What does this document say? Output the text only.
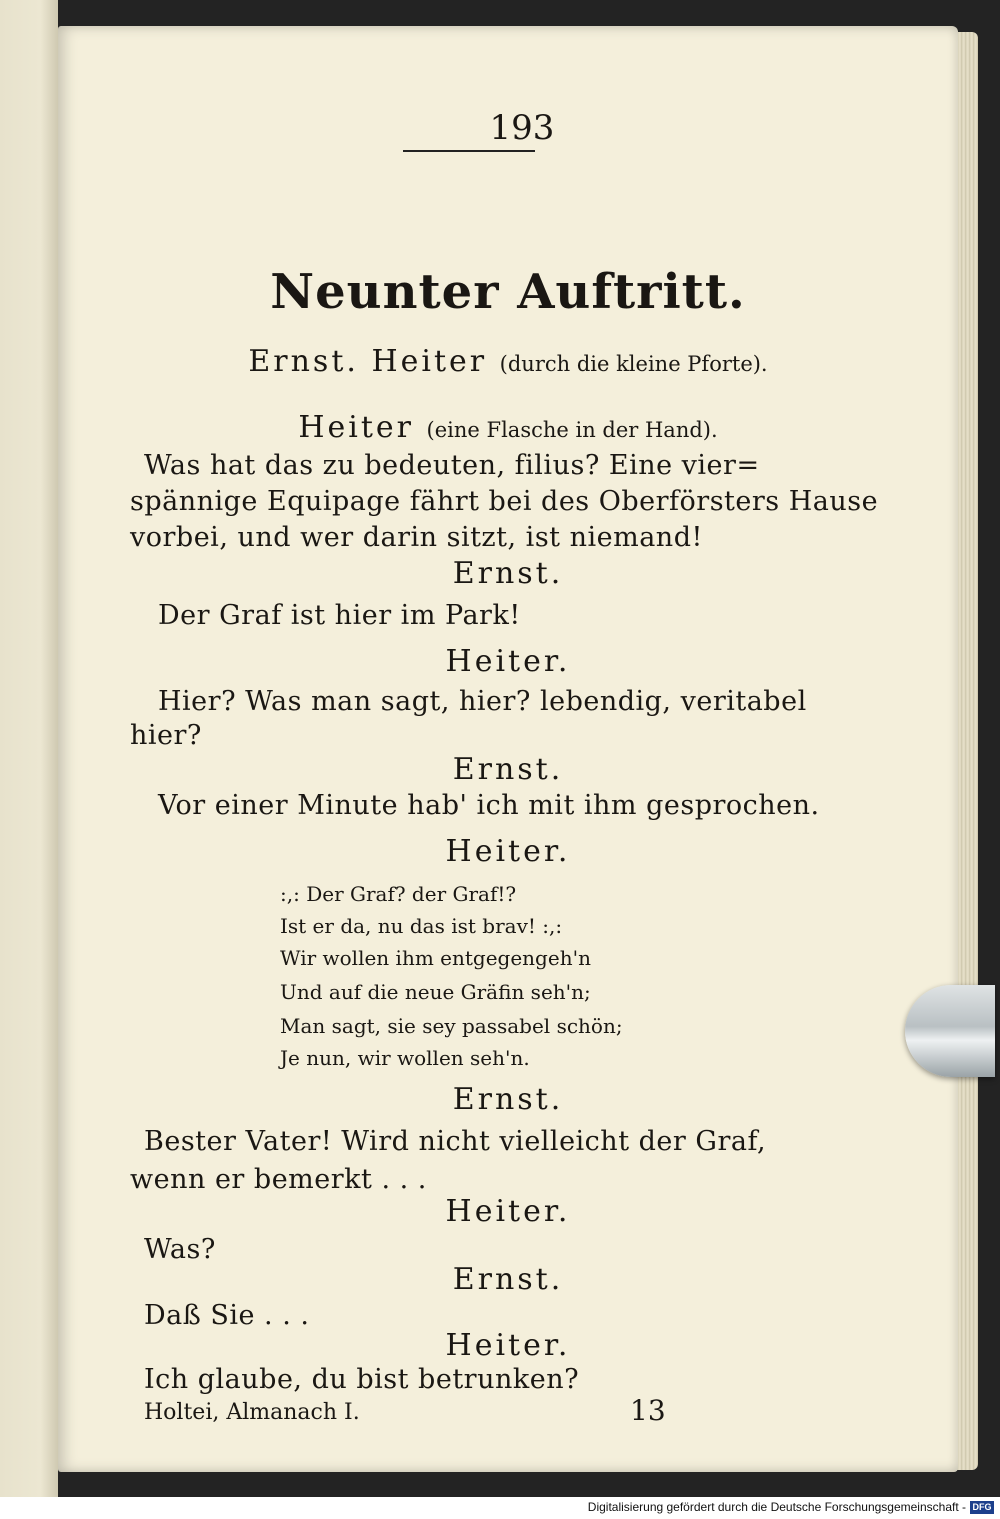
193
Neunter Auftritt.
Ernst. Heiter (durch die kleine Pforte).
Heiter (eine Flasche in der Hand).
Was hat das zu bedeuten, filius? Eine vier=
spännige Equipage fährt bei des Oberförsters Hause
vorbei, und wer darin sitzt, ist niemand!
Ernst.
Der Graf ist hier im Park!
Heiter.
Hier? Was man sagt, hier? lebendig, veritabel
hier?
Ernst.
Vor einer Minute hab' ich mit ihm gesprochen.
Heiter.
:,: Der Graf? der Graf!?
Ist er da, nu das ist brav! :,:
Wir wollen ihm entgegengeh'n
Und auf die neue Gräfin seh'n;
Man sagt, sie sey passabel schön;
Je nun, wir wollen seh'n.
Ernst.
Bester Vater! Wird nicht vielleicht der Graf,
wenn er bemerkt . . .
Heiter.
Was?
Ernst.
Daß Sie . . .
Heiter.
Ich glaube, du bist betrunken?
Holtei, Almanach I.	13
Digitalisierung gefördert durch die Deutsche Forschungsgemeinschaft - DFG
